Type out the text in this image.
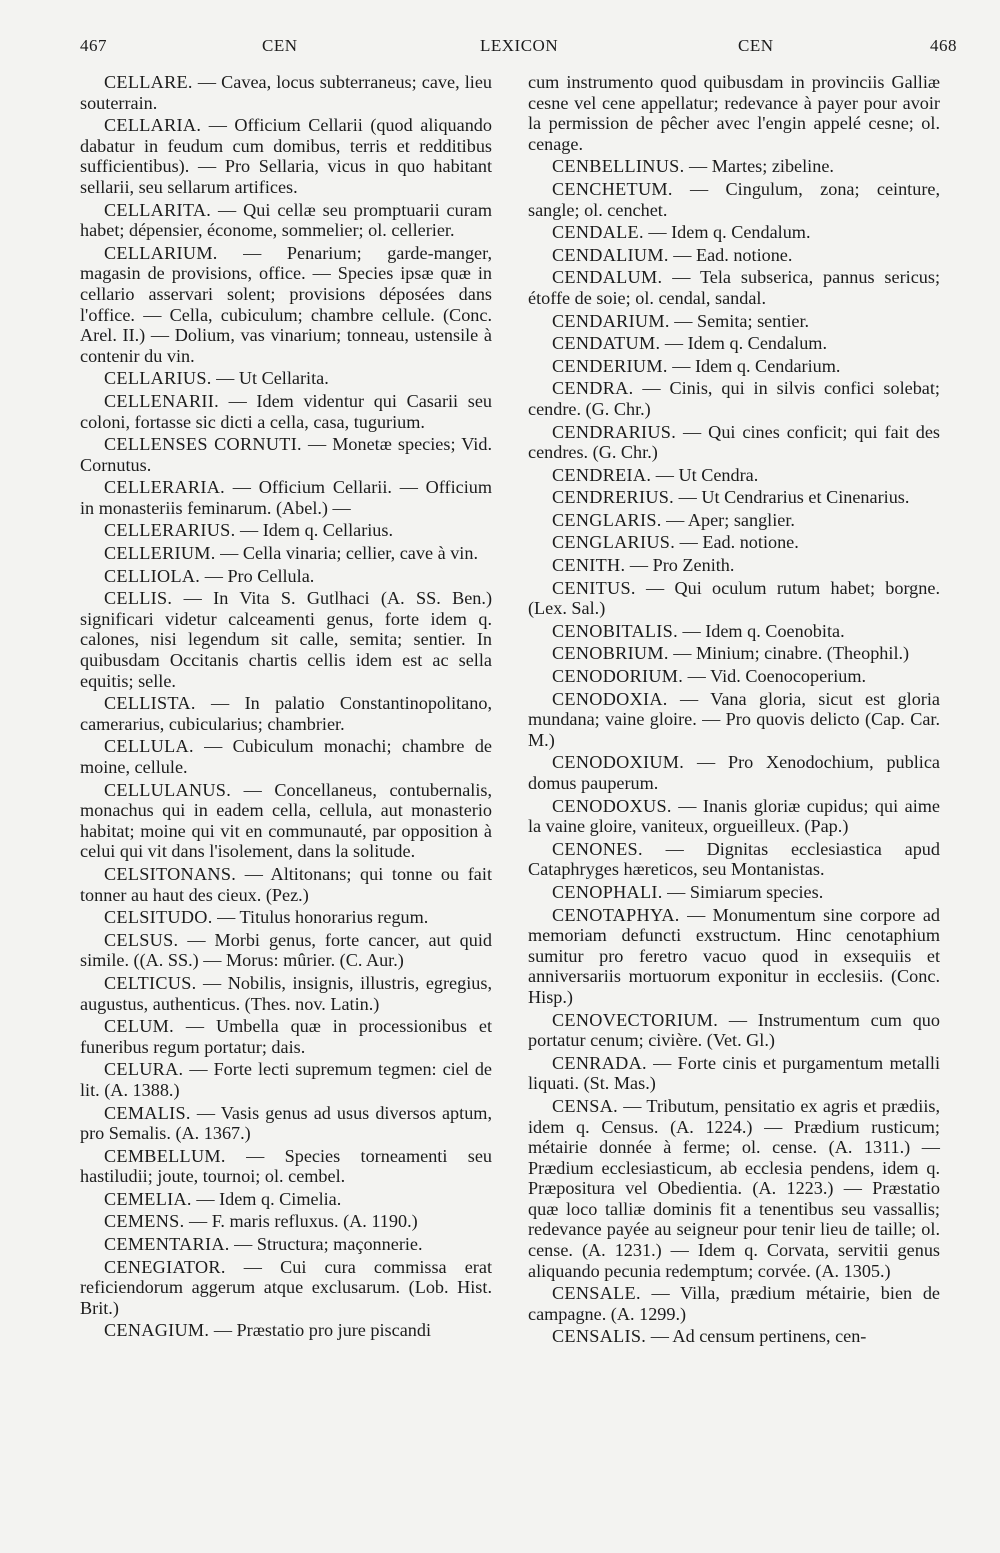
467	CEN	LEXICON	CEN	468

CELLARE. — Cavea, locus subterraneus; cave, lieu souterrain.

CELLARIA. — Officium Cellarii (quod aliquando dabatur in feudum cum domibus, terris et redditibus sufficientibus). — Pro Sellaria, vicus in quo habitant sellarii, seu sellarum artifices.

CELLARITA. — Qui cellæ seu promptuarii curam habet; dépensier, économe, sommelier; ol. cellerier.

CELLARIUM. — Penarium; garde-manger, magasin de provisions, office. — Species ipsæ quæ in cellario asservari solent; provisions déposées dans l'office. — Cella, cubiculum; chambre cellule. (Conc. Arel. II.) — Dolium, vas vinarium; tonneau, ustensile à contenir du vin.

CELLARIUS. — Ut Cellarita.

CELLENARII. — Idem videntur qui Casarii seu coloni, fortasse sic dicti a cella, casa, tugurium.

CELLENSES CORNUTI. — Monetæ species; Vid. Cornutus.

CELLERARIA. — Officium Cellarii. — Officium in monasteriis feminarum. (Abel.) —

CELLERARIUS. — Idem q. Cellarius.

CELLERIUM. — Cella vinaria; cellier, cave à vin.

CELLIOLA. — Pro Cellula.

CELLIS. — In Vita S. Gutlhaci (A. SS. Ben.) significari videtur calceamenti genus, forte idem q. calones, nisi legendum sit calle, semita; sentier. In quibusdam Occitanis chartis cellis idem est ac sella equitis; selle.

CELLISTA. — In palatio Constantinopolitano, camerarius, cubicularius; chambrier.

CELLULA. — Cubiculum monachi; chambre de moine, cellule.

CELLULANUS. — Concellaneus, contubernalis, monachus qui in eadem cella, cellula, aut monasterio habitat; moine qui vit en communauté, par opposition à celui qui vit dans l'isolement, dans la solitude.

CELSITONANS. — Altitonans; qui tonne ou fait tonner au haut des cieux. (Pez.)

CELSITUDO. — Titulus honorarius regum.

CELSUS. — Morbi genus, forte cancer, aut quid simile. ((A. SS.) — Morus: mûrier. (C. Aur.)

CELTICUS. — Nobilis, insignis, illustris, egregius, augustus, authenticus. (Thes. nov. Latin.)

CELUM. — Umbella quæ in processionibus et funeribus regum portatur; dais.

CELURA. — Forte lecti supremum tegmen: ciel de lit. (A. 1388.)

CEMALIS. — Vasis genus ad usus diversos aptum, pro Semalis. (A. 1367.)

CEMBELLUM. — Species torneamenti seu hastiludii; joute, tournoi; ol. cembel.

CEMELIA. — Idem q. Cimelia.

CEMENS. — F. maris refluxus. (A. 1190.)

CEMENTARIA. — Structura; maçonnerie.

CENEGIATOR. — Cui cura commissa erat reficiendorum aggerum atque exclusarum. (Lob. Hist. Brit.)

CENAGIUM. — Præstatio pro jure piscandi

cum instrumento quod quibusdam in provinciis Galliæ cesne vel cene appellatur; redevance à payer pour avoir la permission de pêcher avec l'engin appelé cesne; ol. cenage.

CENBELLINUS. — Martes; zibeline.

CENCHETUM. — Cingulum, zona; ceinture, sangle; ol. cenchet.

CENDALE. — Idem q. Cendalum.

CENDALIUM. — Ead. notione.

CENDALUM. — Tela subserica, pannus sericus; étoffe de soie; ol. cendal, sandal.

CENDARIUM. — Semita; sentier.

CENDATUM. — Idem q. Cendalum.

CENDERIUM. — Idem q. Cendarium.

CENDRA. — Cinis, qui in silvis confici solebat; cendre. (G. Chr.)

CENDRARIUS. — Qui cines conficit; qui fait des cendres. (G. Chr.)

CENDREIA. — Ut Cendra.

CENDRERIUS. — Ut Cendrarius et Cinenarius.

CENGLARIS. — Aper; sanglier.

CENGLARIUS. — Ead. notione.

CENITH. — Pro Zenith.

CENITUS. — Qui oculum rutum habet; borgne. (Lex. Sal.)

CENOBITALIS. — Idem q. Coenobita.

CENOBRIUM. — Minium; cinabre. (Theophil.)

CENODORIUM. — Vid. Coenocoperium.

CENODOXIA. — Vana gloria, sicut est gloria mundana; vaine gloire. — Pro quovis delicto (Cap. Car. M.)

CENODOXIUM. — Pro Xenodochium, publica domus pauperum.

CENODOXUS. — Inanis gloriæ cupidus; qui aime la vaine gloire, vaniteux, orgueilleux. (Pap.)

CENONES. — Dignitas ecclesiastica apud Cataphryges hæreticos, seu Montanistas.

CENOPHALI. — Simiarum species.

CENOTAPHYA. — Monumentum sine corpore ad memoriam defuncti exstructum. Hinc cenotaphium sumitur pro feretro vacuo quod in exsequiis et anniversariis mortuorum exponitur in ecclesiis. (Conc. Hisp.)

CENOVECTORIUM. — Instrumentum cum quo portatur cenum; civière. (Vet. Gl.)

CENRADA. — Forte cinis et purgamentum metalli liquati. (St. Mas.)

CENSA. — Tributum, pensitatio ex agris et prædiis, idem q. Census. (A. 1224.) — Prædium rusticum; métairie donnée à ferme; ol. cense. (A. 1311.) — Prædium ecclesiasticum, ab ecclesia pendens, idem q. Præpositura vel Obedientia. (A. 1223.) — Præstatio quæ loco talliæ dominis fit a tenentibus seu vassallis; redevance payée au seigneur pour tenir lieu de taille; ol. cense. (A. 1231.) — Idem q. Corvata, servitii genus aliquando pecunia redemptum; corvée. (A. 1305.)

CENSALE. — Villa, prædium métairie, bien de campagne. (A. 1299.)

CENSALIS. — Ad censum pertinens, cen-
